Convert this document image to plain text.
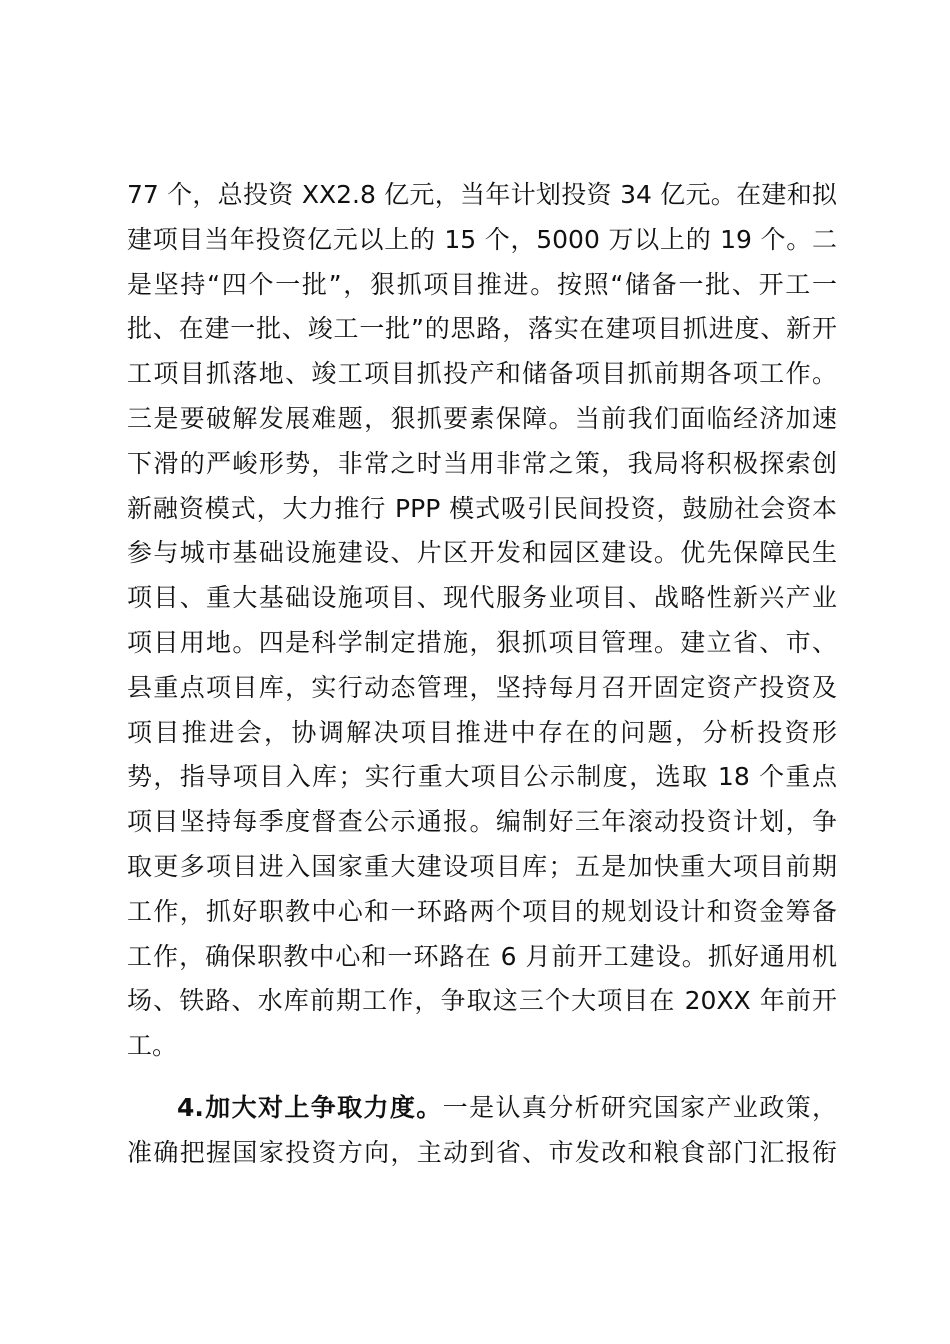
77 个，总投资 XX2.8 亿元，当年计划投资 34 亿元。在建和拟
建项目当年投资亿元以上的 15 个，5000 万以上的 19 个。二
是坚持“四个一批”，狠抓项目推进。按照“储备一批、开工一
批、在建一批、竣工一批”的思路，落实在建项目抓进度、新开
工项目抓落地、竣工项目抓投产和储备项目抓前期各项工作。
三是要破解发展难题，狠抓要素保障。当前我们面临经济加速
下滑的严峻形势，非常之时当用非常之策，我局将积极探索创
新融资模式，大力推行 PPP 模式吸引民间投资，鼓励社会资本
参与城市基础设施建设、片区开发和园区建设。优先保障民生
项目、重大基础设施项目、现代服务业项目、战略性新兴产业
项目用地。四是科学制定措施，狠抓项目管理。建立省、市、
县重点项目库，实行动态管理，坚持每月召开固定资产投资及
项目推进会，协调解决项目推进中存在的问题，分析投资形
势，指导项目入库；实行重大项目公示制度，选取 18 个重点
项目坚持每季度督查公示通报。编制好三年滚动投资计划，争
取更多项目进入国家重大建设项目库；五是加快重大项目前期
工作，抓好职教中心和一环路两个项目的规划设计和资金筹备
工作，确保职教中心和一环路在 6 月前开工建设。抓好通用机
场、铁路、水库前期工作，争取这三个大项目在 20XX 年前开
工。
4.加大对上争取力度。一是认真分析研究国家产业政策，
准确把握国家投资方向，主动到省、市发改和粮食部门汇报衔
